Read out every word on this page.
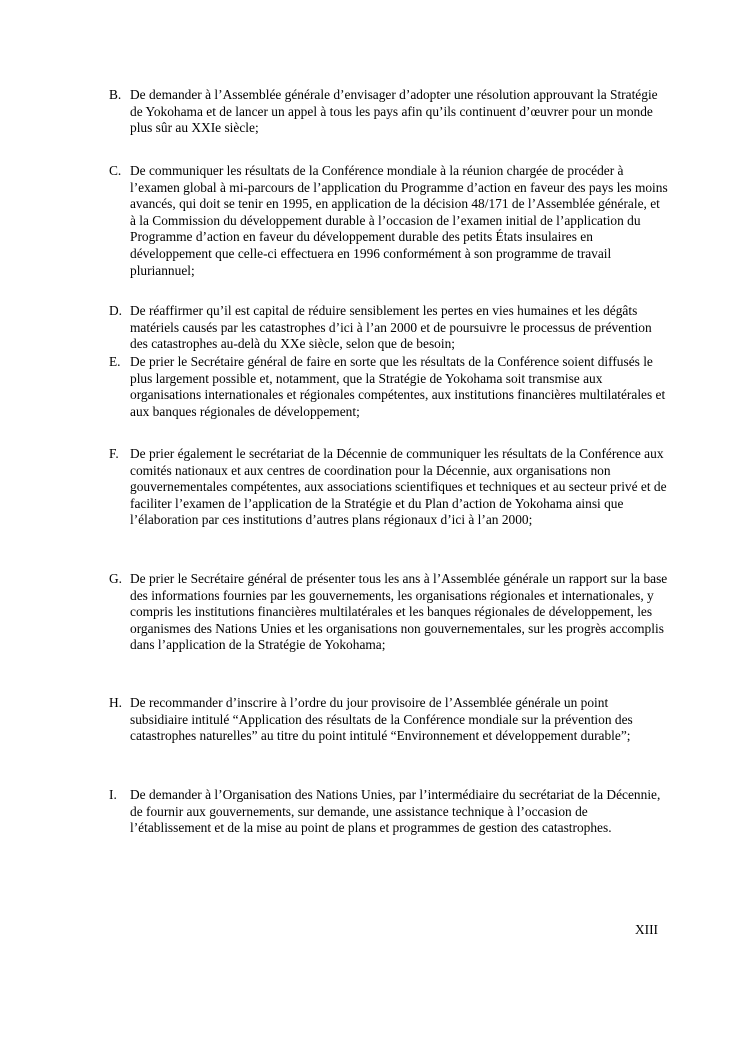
B. De demander à l’Assemblée générale d’envisager d’adopter une résolution approuvant la Stratégie de Yokohama et de lancer un appel à tous les pays afin qu’ils continuent d’œuvrer pour un monde plus sûr au XXIe siècle;
C. De communiquer les résultats de la Conférence mondiale à la réunion chargée de procéder à l’examen global à mi-parcours de l’application du Programme d’action en faveur des pays les moins avancés, qui doit se tenir en 1995, en application de la décision 48/171 de l’Assemblée générale, et à la Commission du développement durable à l’occasion de l’examen initial de l’application du Programme d’action en faveur du développement durable des petits États insulaires en développement que celle-ci effectuera en 1996 conformément à son programme de travail pluriannuel;
D. De réaffirmer qu’il est capital de réduire sensiblement les pertes en vies humaines et les dégâts matériels causés par les catastrophes d’ici à l’an 2000 et de poursuivre le processus de prévention des catastrophes au-delà du XXe siècle, selon que de besoin;
E. De prier le Secrétaire général de faire en sorte que les résultats de la Conférence soient diffusés le plus largement possible et, notamment, que la Stratégie de Yokohama soit transmise aux organisations internationales et régionales compétentes, aux institutions financières multilatérales et aux banques régionales de développement;
F. De prier également le secrétariat de la Décennie de communiquer les résultats de la Conférence aux comités nationaux et aux centres de coordination pour la Décennie, aux organisations non gouvernementales compétentes, aux associations scientifiques et techniques et au secteur privé et de faciliter l’examen de l’application de la Stratégie et du Plan d’action de Yokohama ainsi que l’élaboration par ces institutions d’autres plans régionaux d’ici à l’an 2000;
G. De prier le Secrétaire général de présenter tous les ans à l’Assemblée générale un rapport sur la base des informations fournies par les gouvernements, les organisations régionales et internationales, y compris les institutions financières multilatérales et les banques régionales de développement, les organismes des Nations Unies et les organisations non gouvernementales, sur les progrès accomplis dans l’application de la Stratégie de Yokohama;
H. De recommander d’inscrire à l’ordre du jour provisoire de l’Assemblée générale un point subsidiaire intitulé “Application des résultats de la Conférence mondiale sur la prévention des catastrophes naturelles” au titre du point intitulé “Environnement et développement durable”;
I. De demander à l’Organisation des Nations Unies, par l’intermédiaire du secrétariat de la Décennie, de fournir aux gouvernements, sur demande, une assistance technique à l’occasion de l’établissement et de la mise au point de plans et programmes de gestion des catastrophes.
XIII
